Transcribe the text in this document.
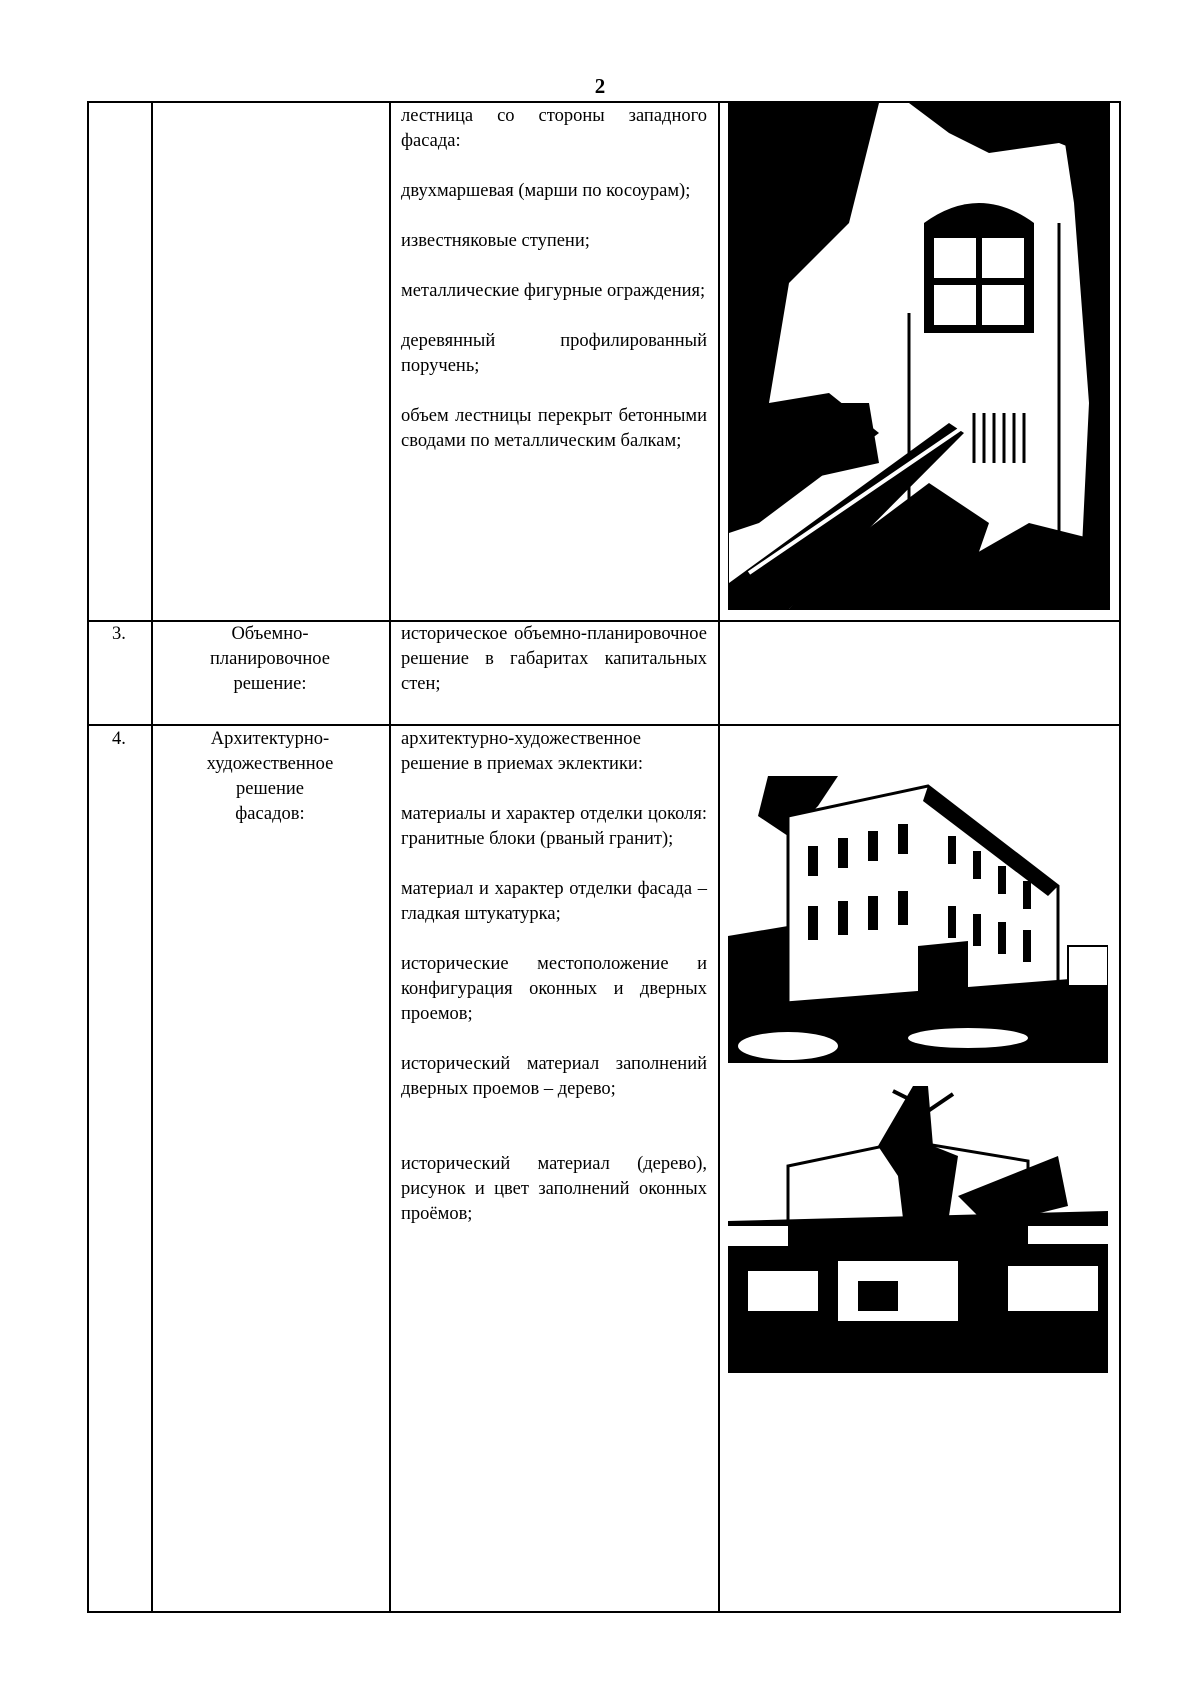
2

лестница со стороны западного фасада:

двухмаршевая (марши по косоурам);

известняковые ступени;

металлические фигурные ограждения;

деревянный профилированный поручень;

объем лестницы перекрыт бетонными сводами по металлическим балкам;

3.	Объемно-
планировочное
решение:

историческое объемно-планировочное решение в габаритах капитальных стен;

4.	Архитектурно-
художественное
решение
фасадов:

архитектурно-художественное решение в приемах эклектики:

материалы и характер отделки цоколя: гранитные блоки (рваный гранит);

материал и характер отделки фасада – гладкая штукатурка;

исторические местоположение и конфигурация оконных и дверных проемов;

исторический материал заполнений дверных проемов – дерево;

исторический материал (дерево), рисунок и цвет заполнений оконных проёмов;
